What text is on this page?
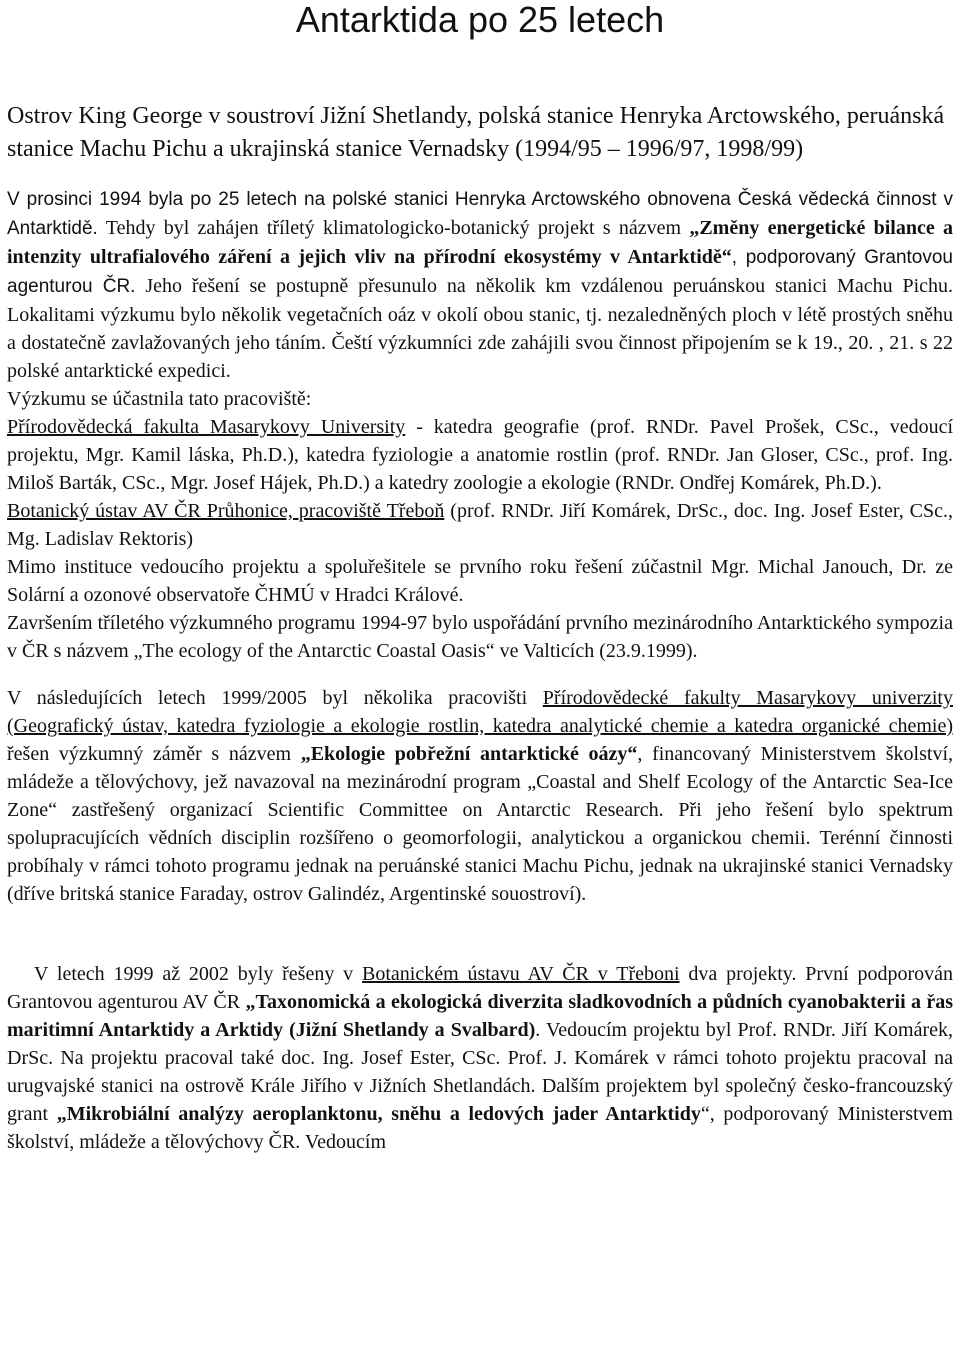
Antarktida po 25 letech

Ostrov King George v soustroví Jižní Shetlandy, polská stanice Henryka Arctowského, peruánská stanice Machu Pichu a ukrajinská stanice Vernadsky (1994/95 – 1996/97, 1998/99)

V prosinci 1994 byla po 25 letech na polské stanici Henryka Arctowského obnovena Česká vědecká činnost v Antarktidě. Tehdy byl zahájen tříletý klimatologicko-botanický projekt s názvem „Změny energetické bilance a intenzity ultrafialového záření a jejich vliv na přírodní ekosystémy v Antarktidě“, podporovaný Grantovou agenturou ČR. Jeho řešení se postupně přesunulo na několik km vzdálenou peruánskou stanici Machu Pichu. Lokalitami výzkumu bylo několik vegetačních oáz v okolí obou stanic, tj. nezaledněných ploch v létě prostých sněhu a dostatečně zavlažovaných jeho táním. Čeští výzkumníci zde zahájili svou činnost připojením se k 19., 20. , 21. s 22 polské antarktické expedici.
Výzkumu se účastnila tato pracoviště:
Přírodovědecká fakulta Masarykovy University - katedra geografie (prof. RNDr. Pavel Prošek, CSc., vedoucí projektu, Mgr. Kamil láska, Ph.D.), katedra fyziologie a anatomie rostlin (prof. RNDr. Jan Gloser, CSc., prof. Ing. Miloš Barták, CSc., Mgr. Josef Hájek, Ph.D.) a katedry zoologie a ekologie (RNDr. Ondřej Komárek, Ph.D.).
Botanický ústav AV ČR Průhonice, pracoviště Třeboň (prof. RNDr. Jiří Komárek, DrSc., doc. Ing. Josef Ester, CSc., Mg. Ladislav Rektoris)
Mimo instituce vedoucího projektu a spoluřešitele se prvního roku řešení zúčastnil Mgr. Michal Janouch, Dr. ze Solární a ozonové observatoře ČHMÚ v Hradci Králové.
Završením tříletého výzkumného programu 1994-97 bylo uspořádání prvního mezinárodního Antarktického sympozia v ČR s názvem „The ecology of the Antarctic Coastal Oasis“ ve Valticích (23.9.1999).

V následujících letech 1999/2005 byl několika pracovišti Přírodovědecké fakulty Masarykovy univerzity (Geografický ústav, katedra fyziologie a ekologie rostlin, katedra analytické chemie a katedra organické chemie) řešen výzkumný záměr s názvem „Ekologie pobřežní antarktické oázy“, financovaný Ministerstvem školství, mládeže a tělovýchovy, jež navazoval na mezinárodní program „Coastal and Shelf Ecology of the Antarctic Sea-Ice Zone“ zastřešený organizací Scientific Committee on Antarctic Research. Při jeho řešení bylo spektrum spolupracujících vědních disciplin rozšířeno o geomorfologii, analytickou a organickou chemii. Terénní činnosti probíhaly v rámci tohoto programu jednak na peruánské stanici Machu Pichu, jednak na ukrajinské stanici Vernadsky (dříve britská stanice Faraday, ostrov Galindéz, Argentinské souostroví).

V letech 1999 až 2002 byly řešeny v Botanickém ústavu AV ČR v Třeboni dva projekty. První podporován Grantovou agenturou AV ČR „Taxonomická a ekologická diverzita sladkovodních a půdních cyanobakterii a řas maritimní Antarktidy a Arktidy (Jižní Shetlandy a Svalbard). Vedoucím projektu byl Prof. RNDr. Jiří Komárek, DrSc. Na projektu pracoval také doc. Ing. Josef Ester, CSc. Prof. J. Komárek v rámci tohoto projektu pracoval na urugvajské stanici na ostrově Krále Jiřího v Jižních Shetlandách. Dalším projektem byl společný česko-francouzský grant „Mikrobiální analýzy aeroplanktonu, sněhu a ledových jader Antarktidy“, podporovaný Ministerstvem školství, mládeže a tělovýchovy ČR. Vedoucím
